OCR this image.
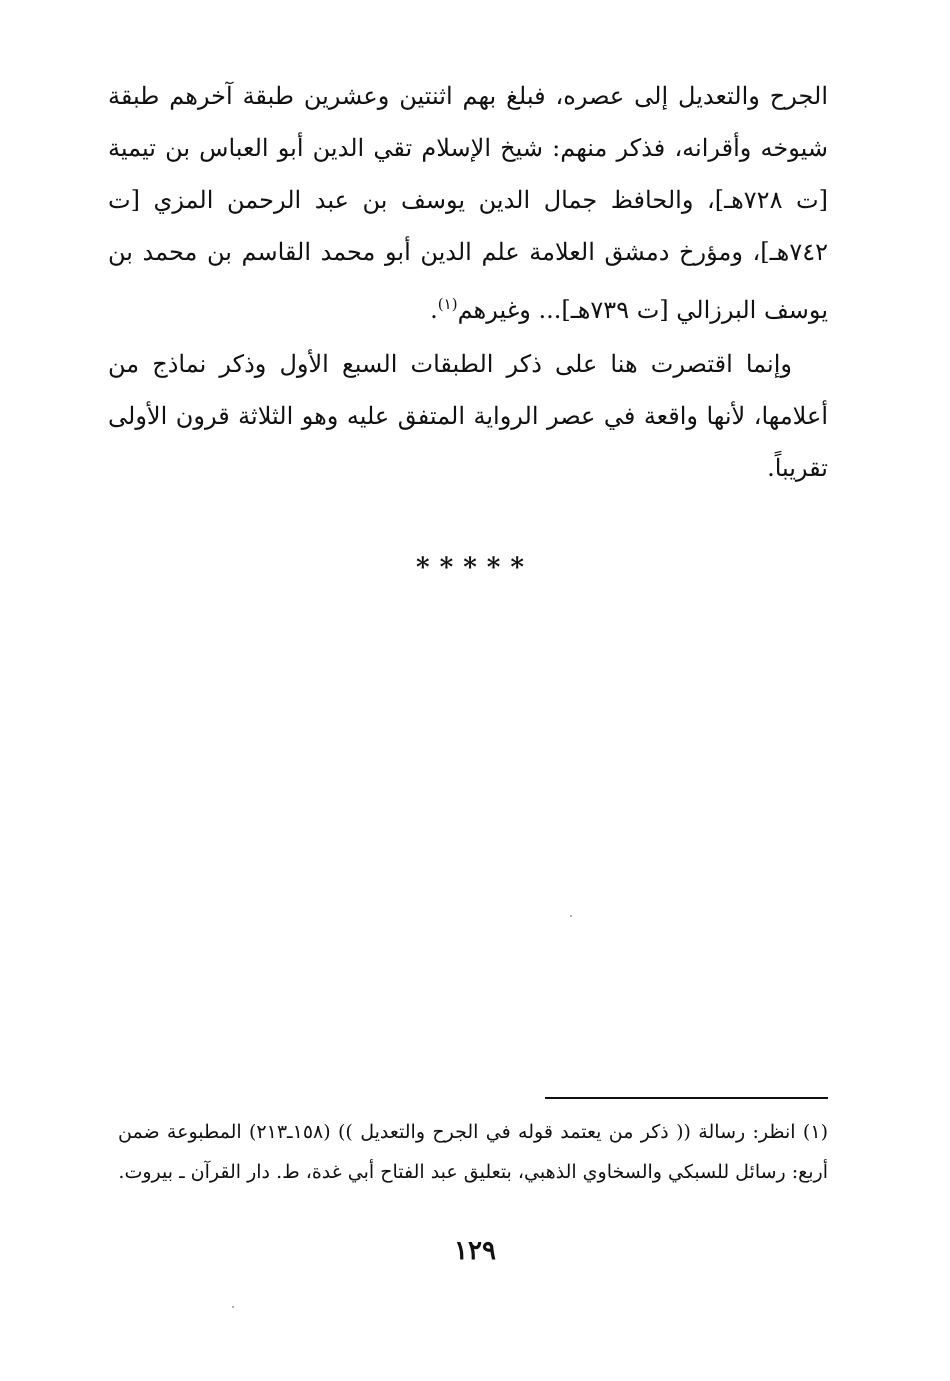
الجرح والتعديل إلى عصره، فبلغ بهم اثنتين وعشرين طبقة آخرهم طبقة شيوخه وأقرانه، فذكر منهم: شيخ الإسلام تقي الدين أبو العباس بن تيمية [ت ٧٢٨هـ]، والحافظ جمال الدين يوسف بن عبد الرحمن المزي [ت ٧٤٢هـ]، ومؤرخ دمشق العلامة علم الدين أبو محمد القاسم بن محمد بن يوسف البرزالي [ت ٧٣٩هـ]... وغيرهم$^{(١)}$.
وإنما اقتصرت هنا على ذكر الطبقات السبع الأول وذكر نماذج من أعلامها، لأنها واقعة في عصر الرواية المتفق عليه وهو الثلاثة قرون الأولى تقريباً.
*****
(١) انظر: رسالة (( ذكر من يعتمد قوله في الجرح والتعديل )) (١٥٨ـ٢١٣) المطبوعة ضمن أربع: رسائل للسبكي والسخاوي الذهبي، بتعليق عبد الفتاح أبي غدة، ط. دار القرآن ـ بيروت.
١٢٩
